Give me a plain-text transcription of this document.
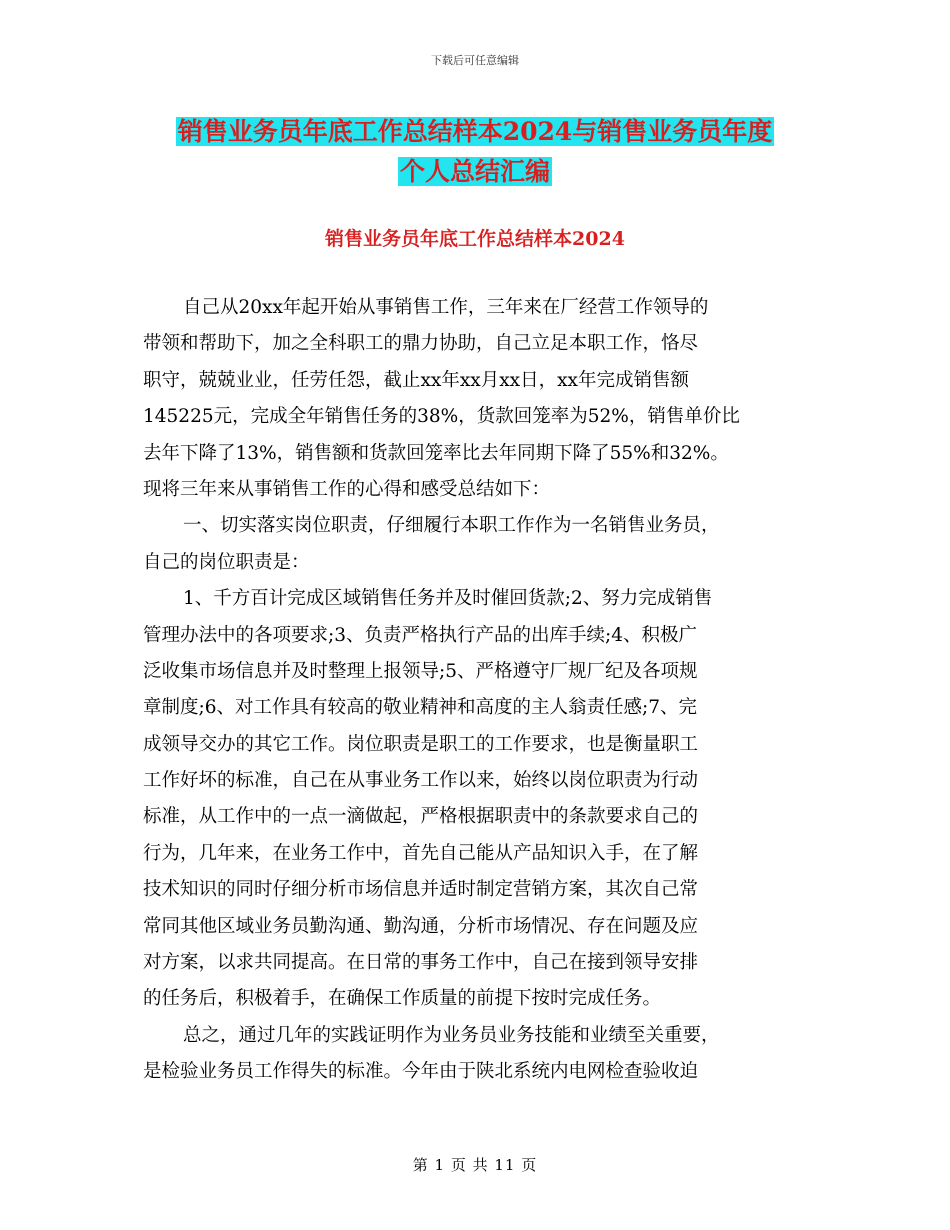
下载后可任意编辑
销售业务员年底工作总结样本2024与销售业务员年度
个人总结汇编
销售业务员年底工作总结样本2024
自己从20xx年起开始从事销售工作，三年来在厂经营工作领导的
带领和帮助下，加之全科职工的鼎力协助，自己立足本职工作，恪尽
职守，兢兢业业，任劳任怨，截止xx年xx月xx日，xx年完成销售额
145225元，完成全年销售任务的38%，货款回笼率为52%，销售单价比
去年下降了13%，销售额和货款回笼率比去年同期下降了55%和32%。
现将三年来从事销售工作的心得和感受总结如下：
一、切实落实岗位职责，仔细履行本职工作作为一名销售业务员，
自己的岗位职责是：
1、千方百计完成区域销售任务并及时催回货款;2、努力完成销售
管理办法中的各项要求;3、负责严格执行产品的出库手续;4、积极广
泛收集市场信息并及时整理上报领导;5、严格遵守厂规厂纪及各项规
章制度;6、对工作具有较高的敬业精神和高度的主人翁责任感;7、完
成领导交办的其它工作。岗位职责是职工的工作要求，也是衡量职工
工作好坏的标准，自己在从事业务工作以来，始终以岗位职责为行动
标准，从工作中的一点一滴做起，严格根据职责中的条款要求自己的
行为，几年来，在业务工作中，首先自己能从产品知识入手，在了解
技术知识的同时仔细分析市场信息并适时制定营销方案，其次自己常
常同其他区域业务员勤沟通、勤沟通，分析市场情况、存在问题及应
对方案，以求共同提高。在日常的事务工作中，自己在接到领导安排
的任务后，积极着手，在确保工作质量的前提下按时完成任务。
总之，通过几年的实践证明作为业务员业务技能和业绩至关重要，
是检验业务员工作得失的标准。今年由于陕北系统内电网检查验收迫
第 1 页 共 11 页
